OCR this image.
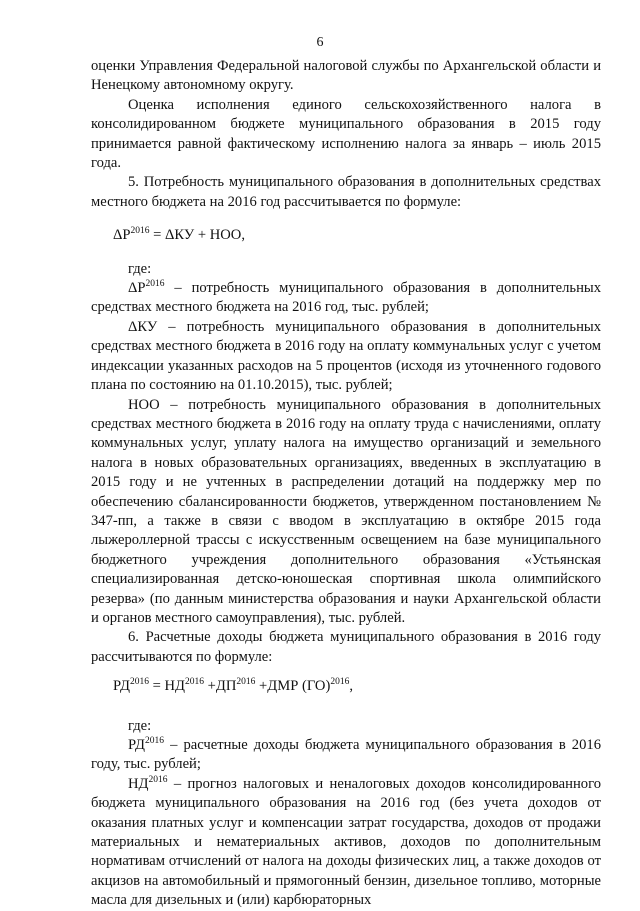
6

оценки Управления Федеральной налоговой службы по Архангельской области и Ненецкому автономному округу.

Оценка исполнения единого сельскохозяйственного налога в консолидированном бюджете муниципального образования в 2015 году принимается равной фактическому исполнению налога за январь – июль 2015 года.

5. Потребность муниципального образования в дополнительных средствах местного бюджета на 2016 год рассчитывается по формуле:

$\Delta Р^{2016} = \Delta КУ$ + НОО,

где:

$\Delta Р^{2016}$ – потребность муниципального образования в дополнительных средствах местного бюджета на 2016 год, тыс. рублей;

ΔКУ – потребность муниципального образования в дополнительных средствах местного бюджета в 2016 году на оплату коммунальных услуг с учетом индексации указанных расходов на 5 процентов (исходя из уточненного годового плана по состоянию на 01.10.2015), тыс. рублей;

НОО – потребность муниципального образования в дополнительных средствах местного бюджета в 2016 году на оплату труда с начислениями, оплату коммунальных услуг, уплату налога на имущество организаций и земельного налога в новых образовательных организациях, введенных в эксплуатацию в 2015 году и не учтенных в распределении дотаций на поддержку мер по обеспечению сбалансированности бюджетов, утвержденном постановлением № 347-пп, а также в связи с вводом в эксплуатацию в октябре 2015 года лыжероллерной трассы с искусственным освещением на базе муниципального бюджетного учреждения дополнительного образования «Устьянская специализированная детско-юношеская спортивная школа олимпийского резерва» (по данным министерства образования и науки Архангельской области и органов местного самоуправления), тыс. рублей.

6. Расчетные доходы бюджета муниципального образования в 2016 году рассчитываются по формуле:

$РД^{2016} = НД^{2016} +ДП^{2016} +ДМР$ (ГО)$^{2016}$,

где:

$РД^{2016}$ – расчетные доходы бюджета муниципального образования в 2016 году, тыс. рублей;

$НД^{2016}$ – прогноз налоговых и неналоговых доходов консолидированного бюджета муниципального образования на 2016 год (без учета доходов от оказания платных услуг и компенсации затрат государства, доходов от продажи материальных и нематериальных активов, доходов по дополнительным нормативам отчислений от налога на доходы физических лиц, а также доходов от акцизов на автомобильный и прямогонный бензин, дизельное топливо, моторные масла для дизельных и (или) карбюраторных
